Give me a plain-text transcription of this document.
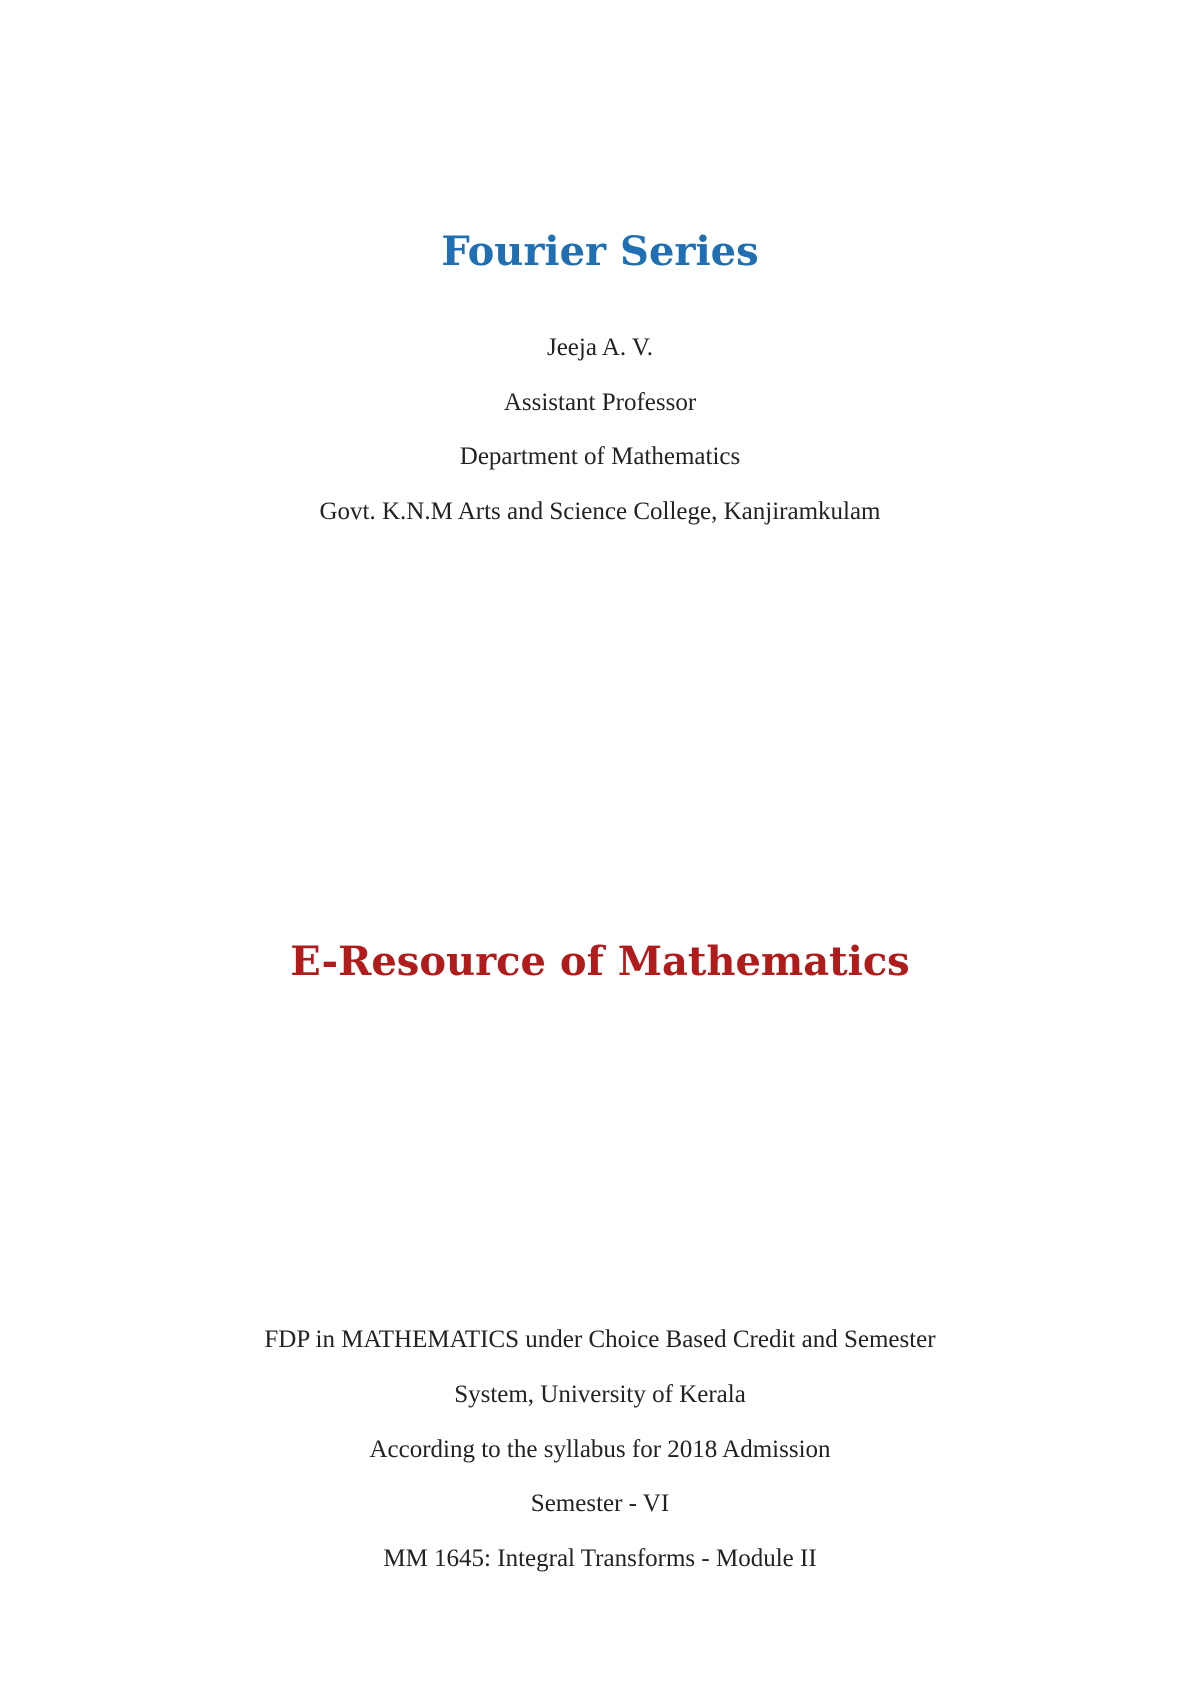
Fourier Series
Jeeja A. V.
Assistant Professor
Department of Mathematics
Govt. K.N.M Arts and Science College, Kanjiramkulam
E-Resource of Mathematics
FDP in MATHEMATICS under Choice Based Credit and Semester
System, University of Kerala
According to the syllabus for 2018 Admission
Semester - VI
MM 1645: Integral Transforms - Module II
